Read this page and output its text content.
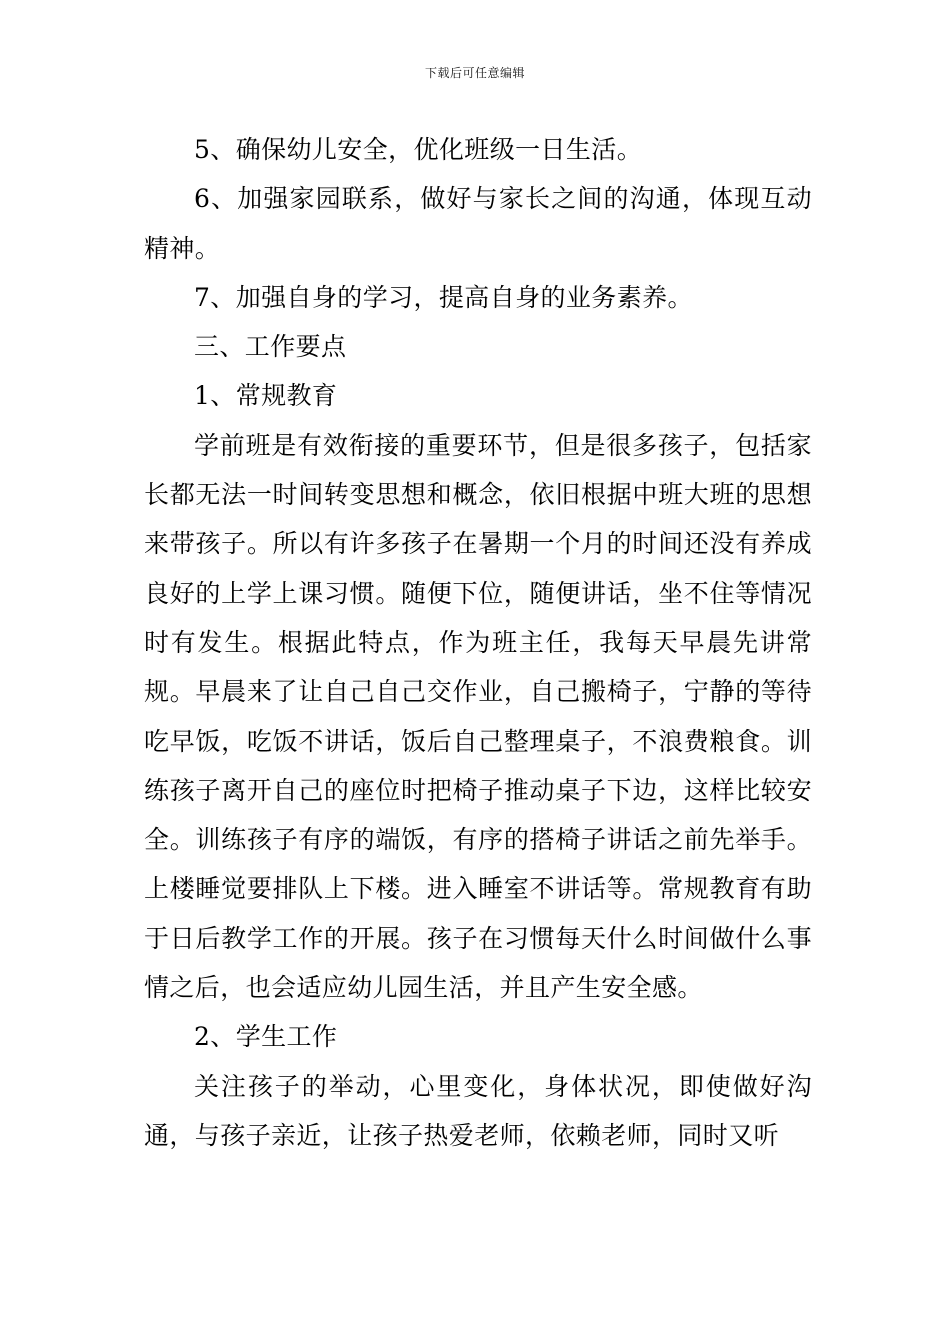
下载后可任意编辑

5、确保幼儿安全，优化班级一日生活。

6、加强家园联系，做好与家长之间的沟通，体现互动精神。

7、加强自身的学习，提高自身的业务素养。

三、工作要点

1、常规教育

学前班是有效衔接的重要环节，但是很多孩子，包括家长都无法一时间转变思想和概念，依旧根据中班大班的思想来带孩子。所以有许多孩子在暑期一个月的时间还没有养成良好的上学上课习惯。随便下位，随便讲话，坐不住等情况时有发生。根据此特点，作为班主任，我每天早晨先讲常规。早晨来了让自己自己交作业，自己搬椅子，宁静的等待吃早饭，吃饭不讲话，饭后自己整理桌子，不浪费粮食。训练孩子离开自己的座位时把椅子推动桌子下边，这样比较安全。训练孩子有序的端饭，有序的搭椅子讲话之前先举手。上楼睡觉要排队上下楼。进入睡室不讲话等。常规教育有助于日后教学工作的开展。孩子在习惯每天什么时间做什么事情之后，也会适应幼儿园生活，并且产生安全感。

2、学生工作

关注孩子的举动，心里变化，身体状况，即使做好沟通，与孩子亲近，让孩子热爱老师，依赖老师，同时又听
